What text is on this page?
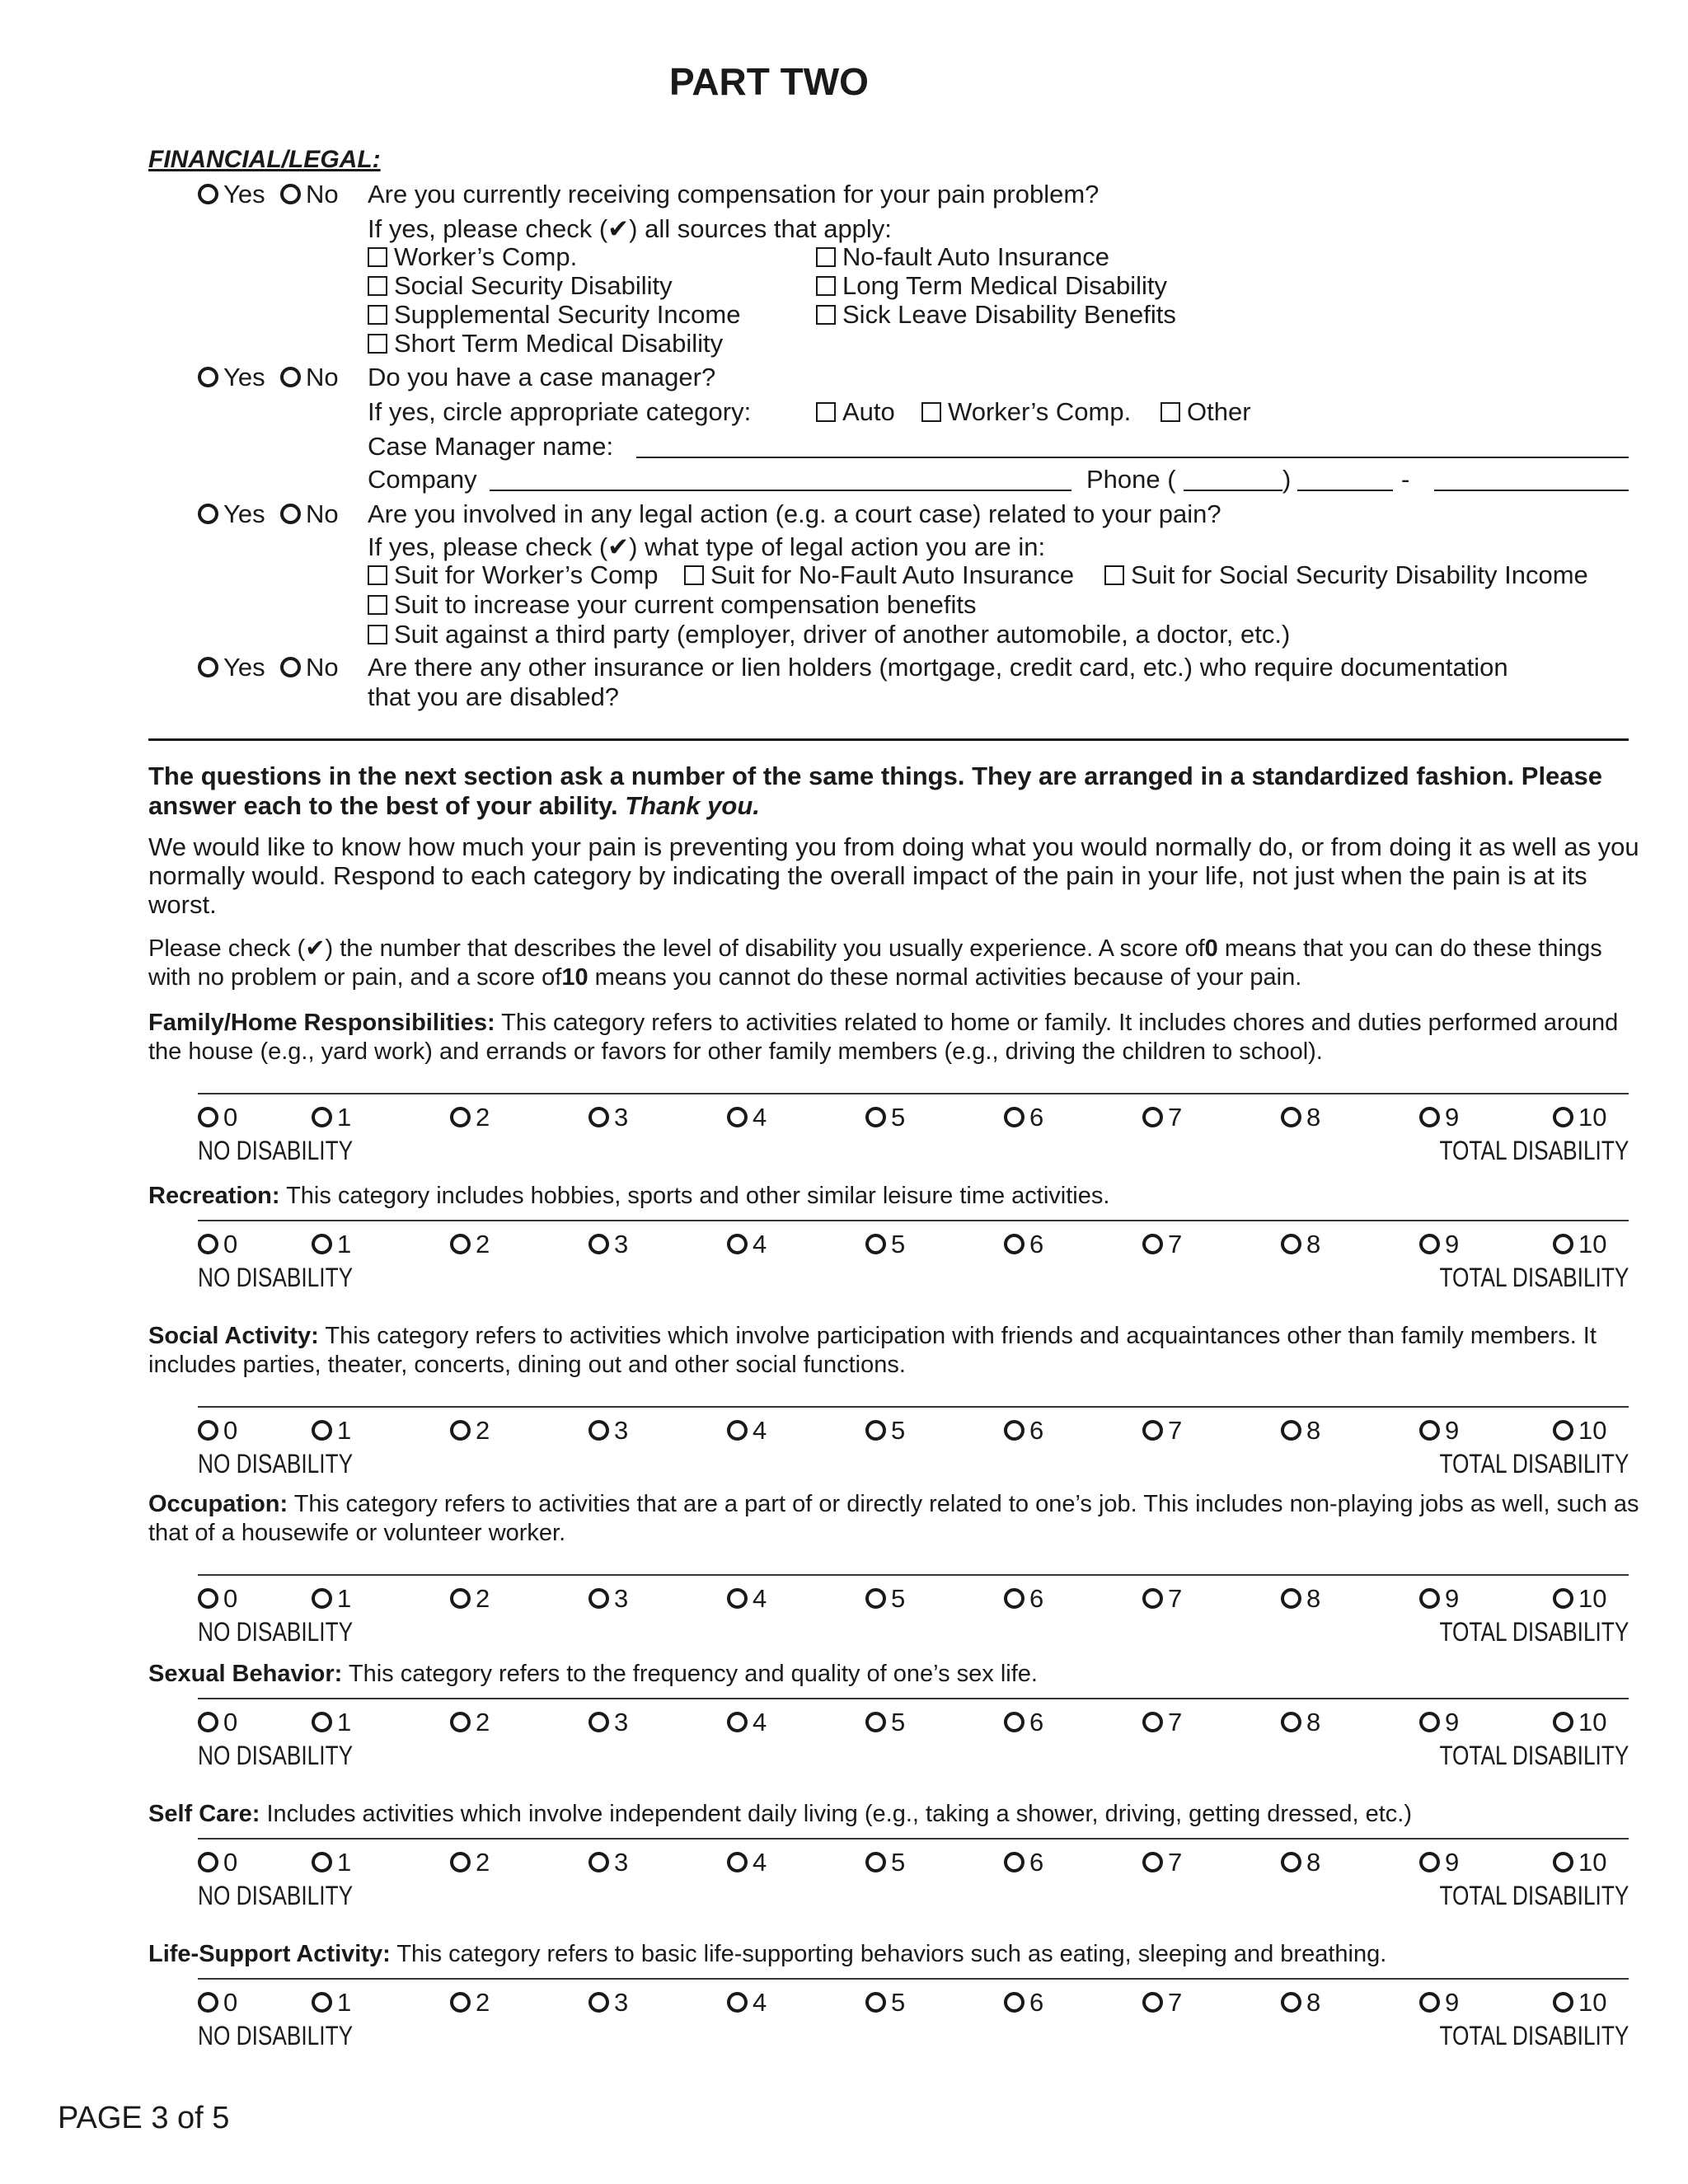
PART TWO
FINANCIAL/LEGAL:
Yes	No Are you currently receiving compensation for your pain problem?
If yes, please check (✔) all sources that apply:
Worker’s Comp.
Social Security Disability
Supplemental Security Income
Short Term Medical Disability
No-fault Auto Insurance
Long Term Medical Disability
Sick Leave Disability Benefits
Yes	No Do you have a case manager?
If yes, circle appropriate category:	Auto	Worker’s Comp.	Other
Case Manager name:
Company	Phone (	)	-
Yes	No Are you involved in any legal action (e.g. a court case) related to your pain?
If yes, please check (✔) what type of legal action you are in:
Suit for Worker’s Comp	Suit for No-Fault Auto Insurance	Suit for Social Security Disability Income
Suit to increase your current compensation benefits
Suit against a third party (employer, driver of another automobile, a doctor, etc.)
Yes	No Are there any other insurance or lien holders (mortgage, credit card, etc.) who require documentation
that you are disabled?
The questions in the next section ask a number of the same things. They are arranged in a standardized fashion. Please answer each to the best of your ability. Thank you.
We would like to know how much your pain is preventing you from doing what you would normally do, or from doing it as well as you normally would. Respond to each category by indicating the overall impact of the pain in your life, not just when the pain is at its worst.
Please check (✔) the number that describes the level of disability you usually experience. A score of0 means that you can do these things with no problem or pain, and a score of10 means you cannot do these normal activities because of your pain.
Family/Home Responsibilities: This category refers to activities related to home or family. It includes chores and duties performed around the house (e.g., yard work) and errands or favors for other family members (e.g., driving the children to school).
0	1	2	3	4	5	6	7	8	9	10
NO DISABILITY	TOTAL DISABILITY
Recreation: This category includes hobbies, sports and other similar leisure time activities.
0	1	2	3	4	5	6	7	8	9	10
NO DISABILITY	TOTAL DISABILITY
Social Activity: This category refers to activities which involve participation with friends and acquaintances other than family members. It includes parties, theater, concerts, dining out and other social functions.
0	1	2	3	4	5	6	7	8	9	10
NO DISABILITY	TOTAL DISABILITY
Occupation: This category refers to activities that are a part of or directly related to one’s job. This includes non-playing jobs as well, such as that of a housewife or volunteer worker.
0	1	2	3	4	5	6	7	8	9	10
NO DISABILITY	TOTAL DISABILITY
Sexual Behavior: This category refers to the frequency and quality of one’s sex life.
0	1	2	3	4	5	6	7	8	9	10
NO DISABILITY	TOTAL DISABILITY
Self Care: Includes activities which involve independent daily living (e.g., taking a shower, driving, getting dressed, etc.)
0	1	2	3	4	5	6	7	8	9	10
NO DISABILITY	TOTAL DISABILITY
Life-Support Activity: This category refers to basic life-supporting behaviors such as eating, sleeping and breathing.
0	1	2	3	4	5	6	7	8	9	10
NO DISABILITY	TOTAL DISABILITY
PAGE 3 of 5
